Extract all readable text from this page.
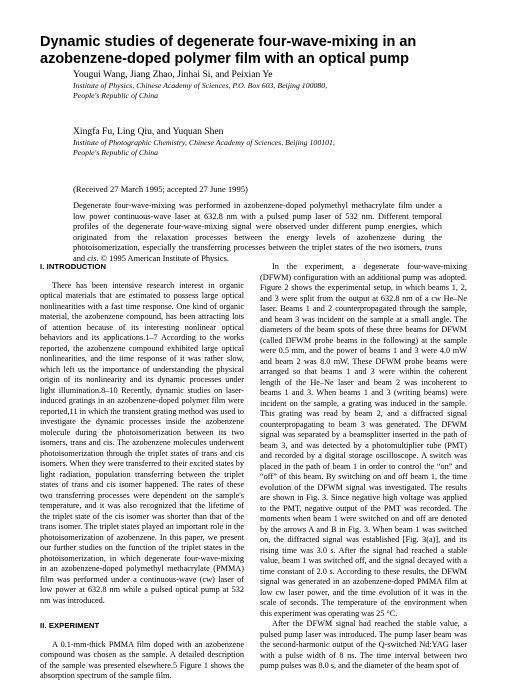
Dynamic studies of degenerate four-wave-mixing in an azobenzene-doped polymer film with an optical pump
Yougui Wang, Jiang Zhao, Jinhai Si, and Peixian Ye
Institute of Physics, Chinese Academy of Sciences, P.O. Box 603, Beijing 100080,
People's Republic of China
Xingfa Fu, Ling Qiu, and Yuquan Shen
Institute of Photographic Chemistry, Chinese Academy of Sciences, Beijing 100101,
People's Republic of China
(Received 27 March 1995; accepted 27 June 1995)
Degenerate four-wave-mixing was performed in azobenzene-doped polymethyl methacrylate film under a low power continuous-wave laser at 632.8 nm with a pulsed pump laser of 532 nm. Different temporal profiles of the degenerate four-wave-mixing signal were observed under different pump energies, which originated from the relaxation processes between the energy levels of azobenzene during the photoisomerization, especially the transferring processes between the triplet states of the two isomers, trans and cis. © 1995 American Institute of Physics.
I. INTRODUCTION

There has been intensive research interest in organic optical materials that are estimated to possess large optical nonlinearities with a fast time response. One kind of organic material, the azobenzene compound, has been attracting lots of attention because of its interesting nonlinear optical behaviors and its applications.1–7 According to the works reported, the azobenzene compound exhibited large optical nonlinearities, and the time response of it was rather slow, which left us the importance of understanding the physical origin of its nonlinearity and its dynamic processes under light illumination.8–10 Recently, dynamic studies on laser-induced gratings in an azobenzene-doped polymer film were reported,11 in which the transient grating method was used to investigate the dynamic processes inside the azobenzene molecule during the photoisomerization between its two isomers, trans and cis. The azobenzene molecules underwent photoisomerization through the triplet states of trans and cis isomers. When they were transferred to their excited states by light radiation, population transferring between the triplet states of trans and cis isomer happened. The rates of these two transferring processes were dependent on the sample's temperature, and it was also recognized that the lifetime of the triplet state of the cis isomer was shorter than that of the trans isomer. The triplet states played an important role in the photoisomerization of azobenzene. In this paper, we present our further studies on the function of the triplet states in the photoisomerization, in which degenerate four-wave-mixing in an azobenzene-doped polymethyl methacrylate (PMMA) film was performed under a continuous-wave (cw) laser of low power at 632.8 nm while a pulsed optical pump at 532 nm was introduced.

II. EXPERIMENT

A 0.1-mm-thick PMMA film doped with an azobenzene compound was chosen as the sample. A detailed description of the sample was presented elsewhere.5 Figure 1 shows the absorption spectrum of the sample film.

In the experiment, a degenerate four-wave-mixing (DFWM) configuration with an additional pump was adopted. Figure 2 shows the experimental setup, in which beams 1, 2, and 3 were split from the output at 632.8 nm of a cw He–Ne laser. Beams 1 and 2 counterpropagated through the sample, and beam 3 was incident on the sample at a small angle. The diameters of the beam spots of these three beams for DFWM (called DFWM probe beams in the following) at the sample were 0.5 mm, and the power of beams 1 and 3 were 4.0 mW and beam 2 was 8.0 mW. These DFWM probe beams were arranged so that beams 1 and 3 were within the coherent length of the He–Ne laser and beam 2 was incoherent to beams 1 and 3. When beams 1 and 3 (writing beams) were incident on the sample, a grating was induced in the sample. This grating was read by beam 2, and a diffracted signal counterpropagating to beam 3 was generated. The DFWM signal was separated by a beamsplitter inserted in the path of beam 3, and was detected by a photomultiplier tube (PMT) and recorded by a digital storage oscilloscope. A switch was placed in the path of beam 1 in order to control the “on” and “off” of this beam. By switching on and off beam 1, the time evolution of the DFWM signal was investigated. The results are shown in Fig. 3. Since negative high voltage was applied to the PMT, negative output of the PMT was recorded. The moments when beam 1 were switched on and off are denoted by the arrows A and B in Fig. 3. When beam 1 was switched on, the diffracted signal was established [Fig. 3(a)], and its rising time was 3.0 s. After the signal had reached a stable value, beam 1 was switched off, and the signal decayed with a time constant of 2.0 s. According to these results, the DFWM signal was generated in an azobenzene-doped PMMA film at low cw laser power, and the time evolution of it was in the scale of seconds. The temperature of the environment when this experiment was operating was 25 °C.

After the DFWM signal had reached the stable value, a pulsed pump laser was introduced. The pump laser beam was the second-harmonic output of the Q-switched Nd:YAG laser with a pulse width of 8 ns. The time interval between two pump pulses was 8.0 s, and the diameter of the beam spot of
